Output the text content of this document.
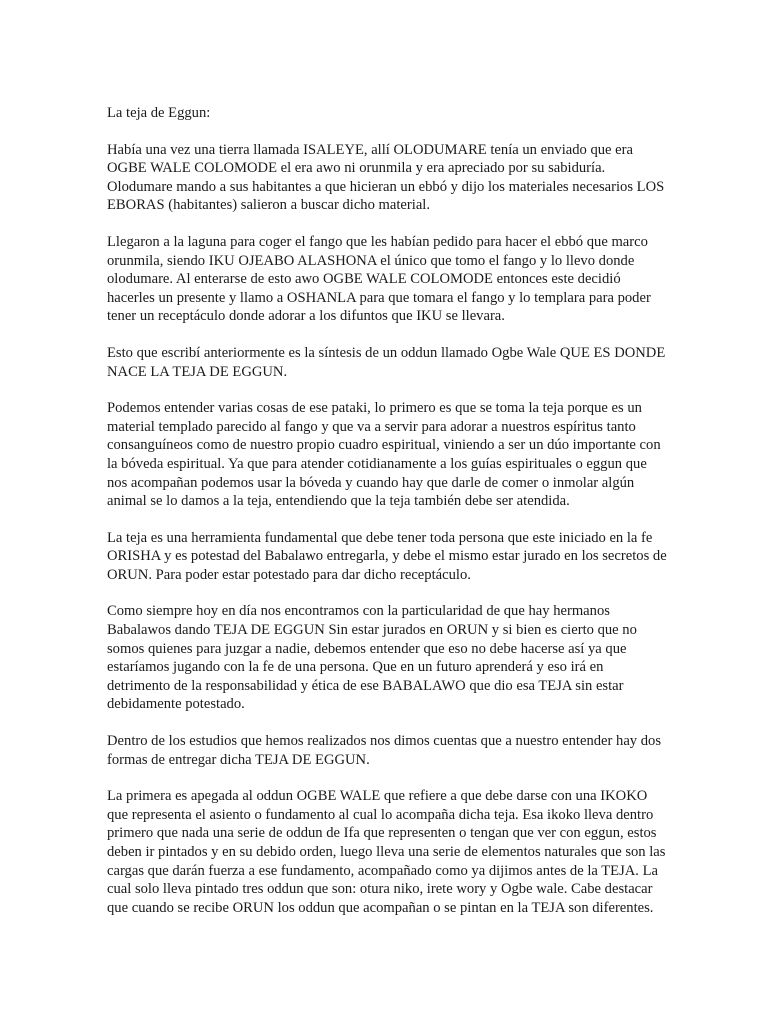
La teja de Eggun:

Había una vez una tierra llamada ISALEYE, allí OLODUMARE tenía un enviado que era OGBE WALE COLOMODE el era awo ni orunmila y era apreciado por su sabiduría. Olodumare mando a sus habitantes a que hicieran un ebbó y dijo los materiales necesarios LOS EBORAS (habitantes) salieron a buscar dicho material.

Llegaron a la laguna para coger el fango que les habían pedido para hacer el ebbó que marco orunmila, siendo IKU OJEABO ALASHONA el único que tomo el fango y lo llevo donde olodumare. Al enterarse de esto awo OGBE WALE COLOMODE entonces este decidió hacerles un presente y llamo a OSHANLA para que tomara el fango y lo templara para poder tener un receptáculo donde adorar a los difuntos que IKU se llevara.

Esto que escribí anteriormente es la síntesis de un oddun llamado Ogbe Wale QUE ES DONDE NACE LA TEJA DE EGGUN.

Podemos entender varias cosas de ese pataki, lo primero es que se toma la teja porque es un material templado parecido al fango y que va a servir para adorar a nuestros espíritus tanto consanguíneos como de nuestro propio cuadro espiritual, viniendo a ser un dúo importante con la bóveda espiritual. Ya que para atender cotidianamente a los guías espirituales o eggun que nos acompañan podemos usar la bóveda y cuando hay que darle de comer o inmolar algún animal se lo damos a la teja, entendiendo que la teja también debe ser atendida.

La teja es una herramienta fundamental que debe tener toda persona que este iniciado en la fe ORISHA y es potestad del Babalawo entregarla, y debe el mismo estar jurado en los secretos de ORUN. Para poder estar potestado para dar dicho receptáculo.

Como siempre hoy en día nos encontramos con la particularidad de que hay hermanos Babalawos dando TEJA DE EGGUN Sin estar jurados en ORUN y si bien es cierto que no somos quienes para juzgar a nadie, debemos entender que eso no debe hacerse así ya que estaríamos jugando con la fe de una persona. Que en un futuro aprenderá y eso irá en detrimento de la responsabilidad y ética de ese BABALAWO que dio esa TEJA sin estar debidamente potestado.

Dentro de los estudios que hemos realizados nos dimos cuentas que a nuestro entender hay dos formas de entregar dicha TEJA DE EGGUN.

La primera es apegada al oddun OGBE WALE que refiere a que debe darse con una IKOKO que representa el asiento o fundamento al cual lo acompaña dicha teja. Esa ikoko lleva dentro primero que nada una serie de oddun de Ifa que representen o tengan que ver con eggun, estos deben ir pintados y en su debido orden, luego lleva una serie de elementos naturales que son las cargas que darán fuerza a ese fundamento, acompañado como ya dijimos antes de la TEJA. La cual solo lleva pintado tres oddun que son: otura niko, irete wory y Ogbe wale. Cabe destacar que cuando se recibe ORUN los oddun que acompañan o se pintan en la TEJA son diferentes.
